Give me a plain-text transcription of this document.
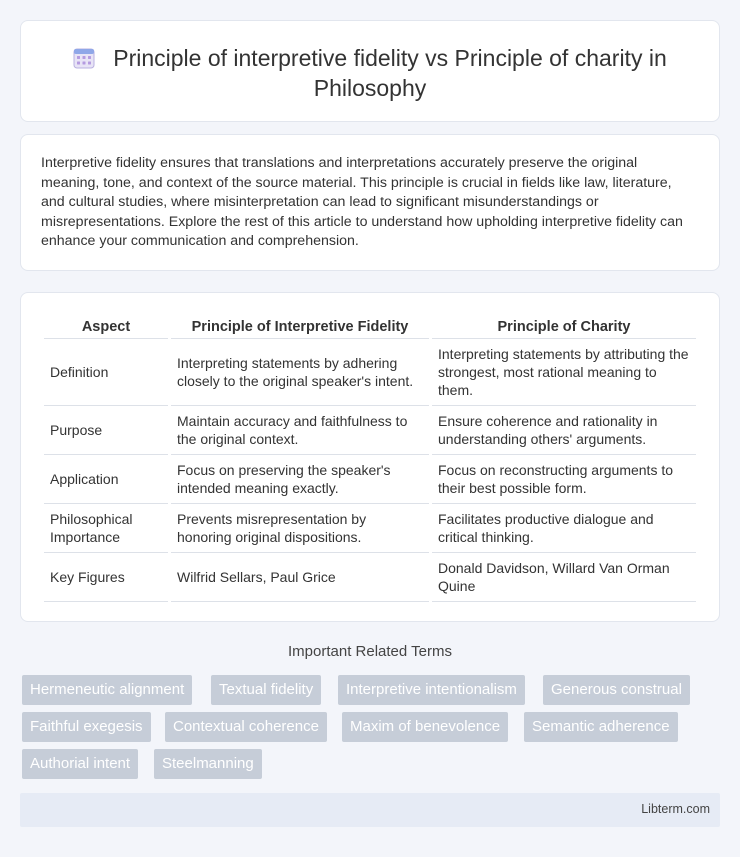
Principle of interpretive fidelity vs Principle of charity in Philosophy

Interpretive fidelity ensures that translations and interpretations accurately preserve the original meaning, tone, and context of the source material. This principle is crucial in fields like law, literature, and cultural studies, where misinterpretation can lead to significant misunderstandings or misrepresentations. Explore the rest of this article to understand how upholding interpretive fidelity can enhance your communication and comprehension.

Aspect	Principle of Interpretive Fidelity	Principle of Charity
Definition	Interpreting statements by adhering closely to the original speaker's intent.	Interpreting statements by attributing the strongest, most rational meaning to them.
Purpose	Maintain accuracy and faithfulness to the original context.	Ensure coherence and rationality in understanding others' arguments.
Application	Focus on preserving the speaker's intended meaning exactly.	Focus on reconstructing arguments to their best possible form.
Philosophical Importance	Prevents misrepresentation by honoring original dispositions.	Facilitates productive dialogue and critical thinking.
Key Figures	Wilfrid Sellars, Paul Grice	Donald Davidson, Willard Van Orman Quine
Important Related Terms
Hermeneutic alignment	Textual fidelity	Interpretive intentionalism	Generous construal
Faithful exegesis	Contextual coherence	Maxim of benevolence	Semantic adherence
Authorial intent	Steelmanning
Libterm.com
